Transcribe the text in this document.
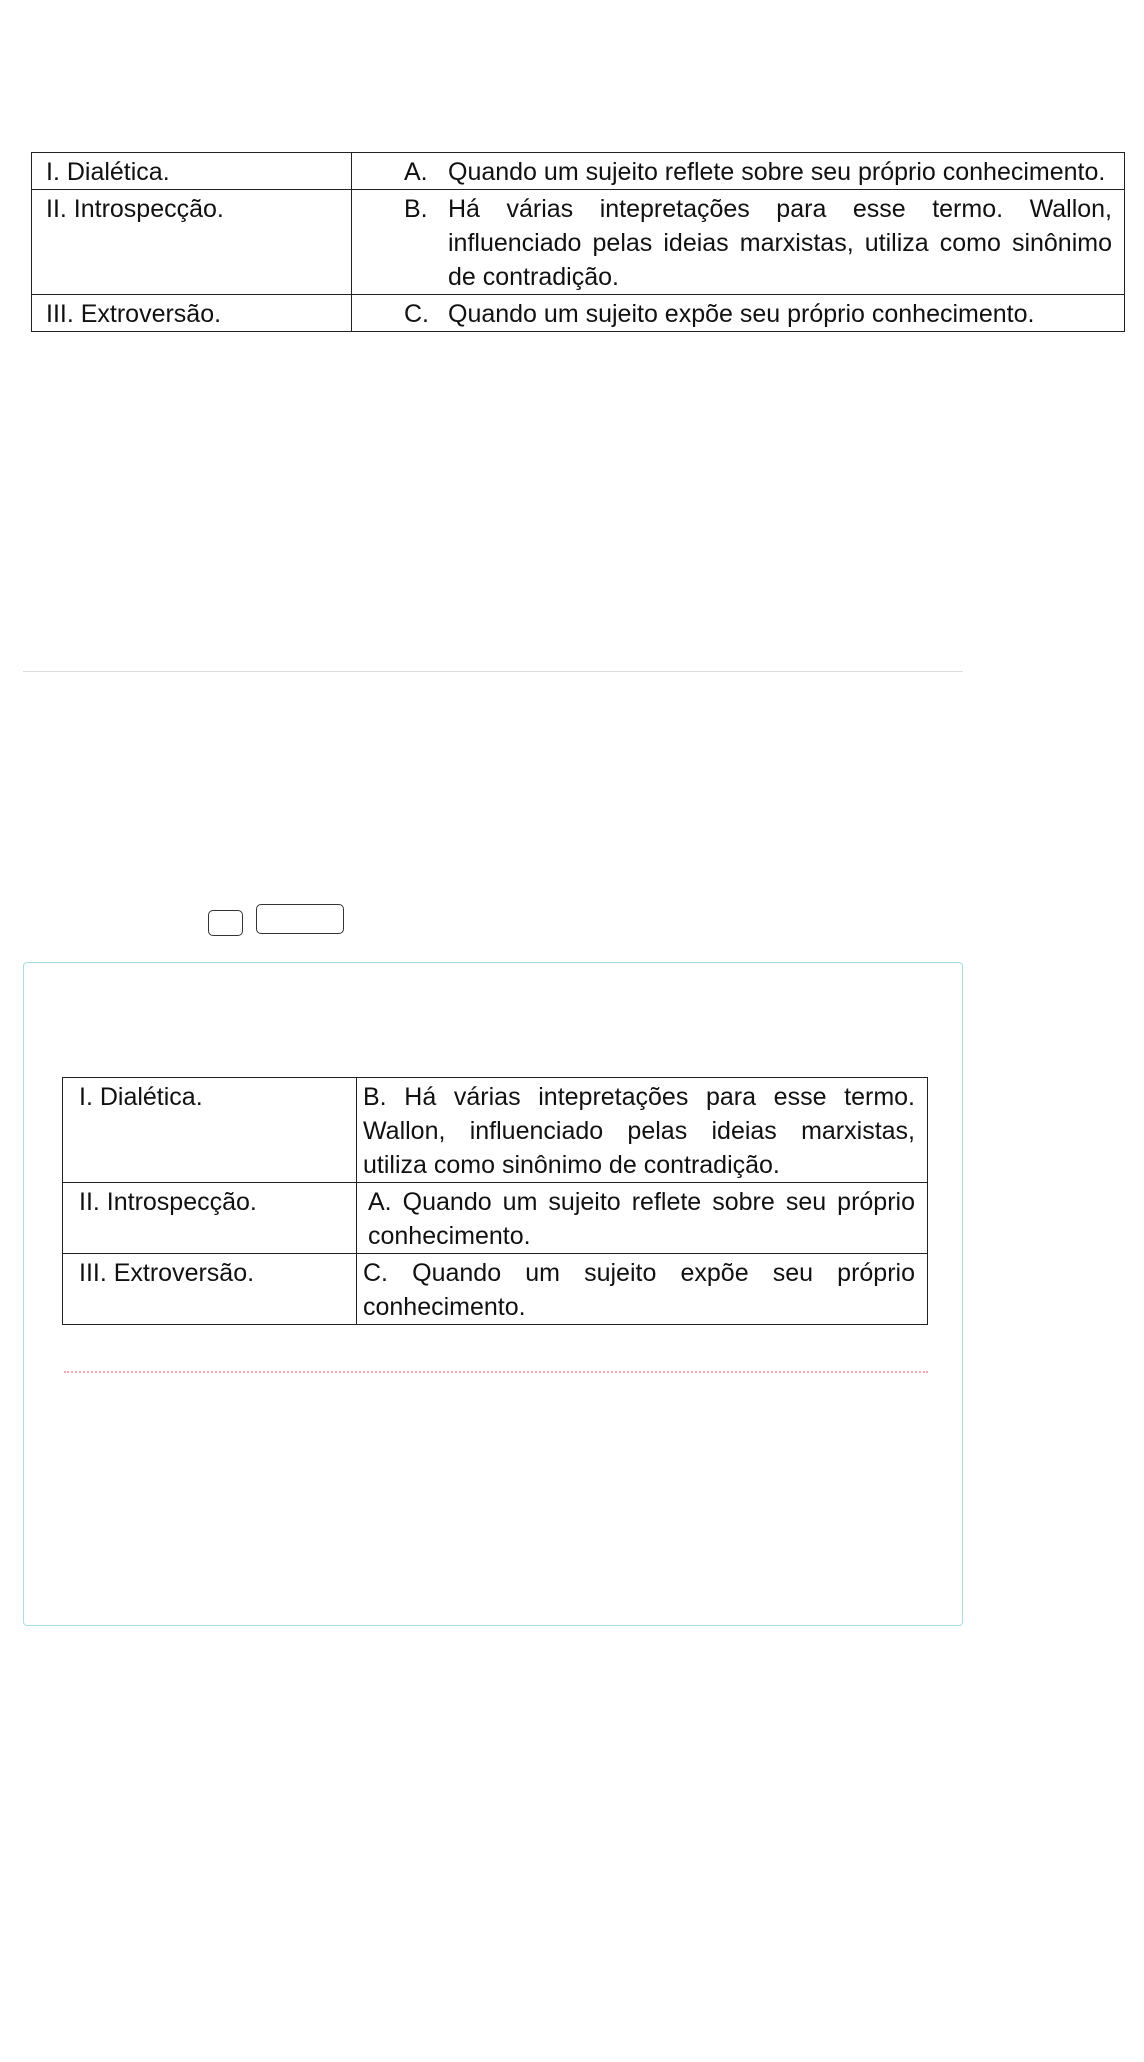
I. Dialética.	A. Quando um sujeito reflete sobre seu próprio conhecimento.

II. Introspecção.	B. Há várias intepretações para esse termo. Wallon, influenciado pelas ideias marxistas, utiliza como sinônimo de contradição.

III. Extroversão.	C. Quando um sujeito expõe seu próprio conhecimento.
I. Dialética.	B. Há várias intepretações para esse termo. Wallon, influenciado pelas ideias marxistas, utiliza como sinônimo de contradição.
II. Introspecção.	A. Quando um sujeito reflete sobre seu próprio conhecimento.
III. Extroversão.	C. Quando um sujeito expõe seu próprio conhecimento.
